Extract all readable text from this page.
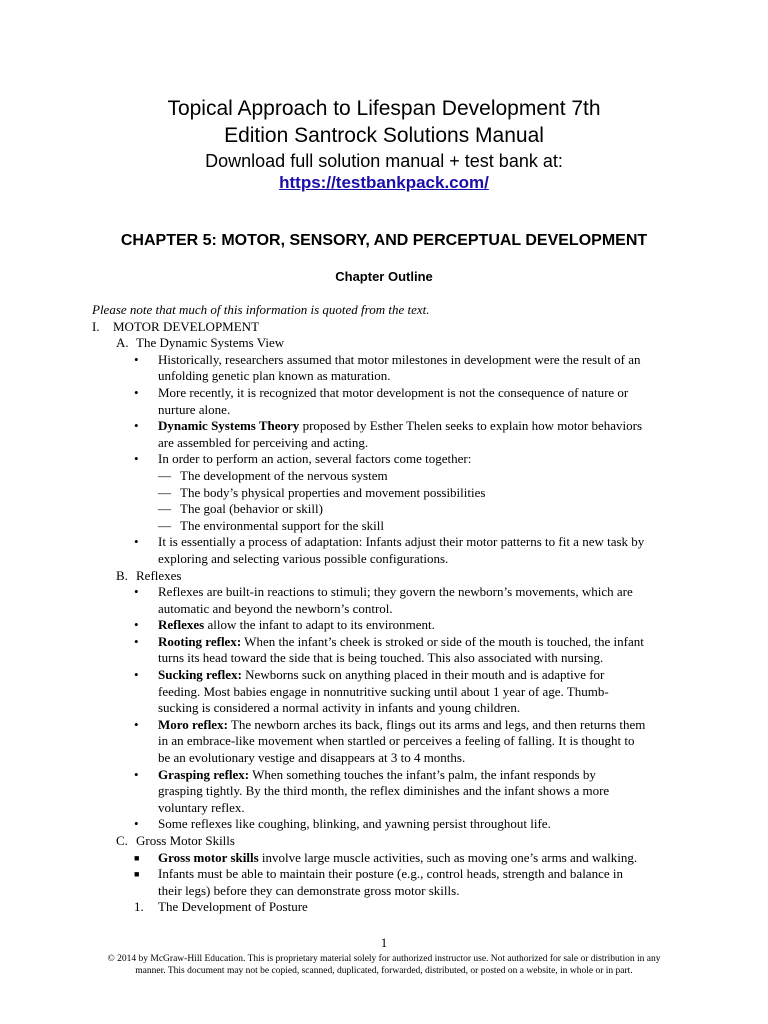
Topical Approach to Lifespan Development 7th
Edition Santrock Solutions Manual
Download full solution manual + test bank at:
https://testbankpack.com/
CHAPTER 5: MOTOR, SENSORY, AND PERCEPTUAL DEVELOPMENT
Chapter Outline
Please note that much of this information is quoted from the text.
I. MOTOR DEVELOPMENT
A. The Dynamic Systems View
• Historically, researchers assumed that motor milestones in development were the result of an
unfolding genetic plan known as maturation.
• More recently, it is recognized that motor development is not the consequence of nature or
nurture alone.
• Dynamic Systems Theory proposed by Esther Thelen seeks to explain how motor behaviors
are assembled for perceiving and acting.
• In order to perform an action, several factors come together:
— The development of the nervous system
— The body’s physical properties and movement possibilities
— The goal (behavior or skill)
— The environmental support for the skill
• It is essentially a process of adaptation: Infants adjust their motor patterns to fit a new task by
exploring and selecting various possible configurations.
B. Reflexes
• Reflexes are built-in reactions to stimuli; they govern the newborn’s movements, which are
automatic and beyond the newborn’s control.
• Reflexes allow the infant to adapt to its environment.
• Rooting reflex: When the infant’s cheek is stroked or side of the mouth is touched, the infant
turns its head toward the side that is being touched. This also associated with nursing.
• Sucking reflex: Newborns suck on anything placed in their mouth and is adaptive for
feeding. Most babies engage in nonnutritive sucking until about 1 year of age. Thumb-
sucking is considered a normal activity in infants and young children.
• Moro reflex: The newborn arches its back, flings out its arms and legs, and then returns them
in an embrace-like movement when startled or perceives a feeling of falling. It is thought to
be an evolutionary vestige and disappears at 3 to 4 months.
• Grasping reflex: When something touches the infant’s palm, the infant responds by
grasping tightly. By the third month, the reflex diminishes and the infant shows a more
voluntary reflex.
• Some reflexes like coughing, blinking, and yawning persist throughout life.
C. Gross Motor Skills
■ Gross motor skills involve large muscle activities, such as moving one’s arms and walking.
■ Infants must be able to maintain their posture (e.g., control heads, strength and balance in
their legs) before they can demonstrate gross motor skills.
1. The Development of Posture
1
© 2014 by McGraw-Hill Education. This is proprietary material solely for authorized instructor use. Not authorized for sale or distribution in any
manner. This document may not be copied, scanned, duplicated, forwarded, distributed, or posted on a website, in whole or in part.
